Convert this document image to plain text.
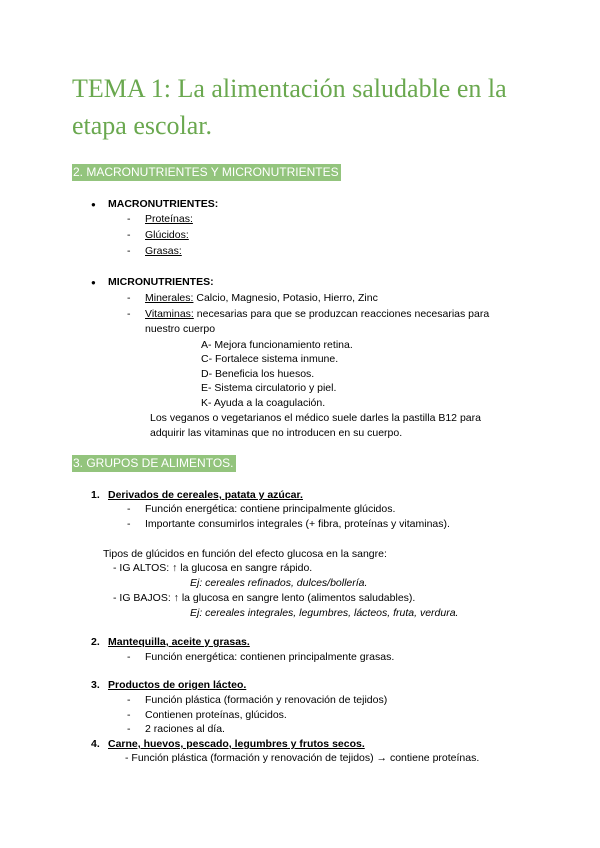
TEMA 1: La alimentación saludable en la etapa escolar.
2. MACRONUTRIENTES Y MICRONUTRIENTES
● MACRONUTRIENTES:
- Proteínas:
- Glúcidos:
- Grasas:
● MICRONUTRIENTES:
- Minerales: Calcio, Magnesio, Potasio, Hierro, Zinc
- Vitaminas: necesarias para que se produzcan reacciones necesarias para
nuestro cuerpo
A- Mejora funcionamiento retina.
C- Fortalece sistema inmune.
D- Beneficia los huesos.
E- Sistema circulatorio y piel.
K- Ayuda a la coagulación.
Los veganos o vegetarianos el médico suele darles la pastilla B12 para
adquirir las vitaminas que no introducen en su cuerpo.
3. GRUPOS DE ALIMENTOS.
1. Derivados de cereales, patata y azúcar.
- Función energética: contiene principalmente glúcidos.
- Importante consumirlos integrales (+ fibra, proteínas y vitaminas).
Tipos de glúcidos en función del efecto glucosa en la sangre:
- IG ALTOS: ↑ la glucosa en sangre rápido.
Ej: cereales refinados, dulces/bollería.
- IG BAJOS: ↑ la glucosa en sangre lento (alimentos saludables).
Ej: cereales integrales, legumbres, lácteos, fruta, verdura.
2. Mantequilla, aceite y grasas.
- Función energética: contienen principalmente grasas.
3. Productos de origen lácteo.
- Función plástica (formación y renovación de tejidos)
- Contienen proteínas, glúcidos.
- 2 raciones al día.
4. Carne, huevos, pescado, legumbres y frutos secos.
- Función plástica (formación y renovación de tejidos) → contiene proteínas.
